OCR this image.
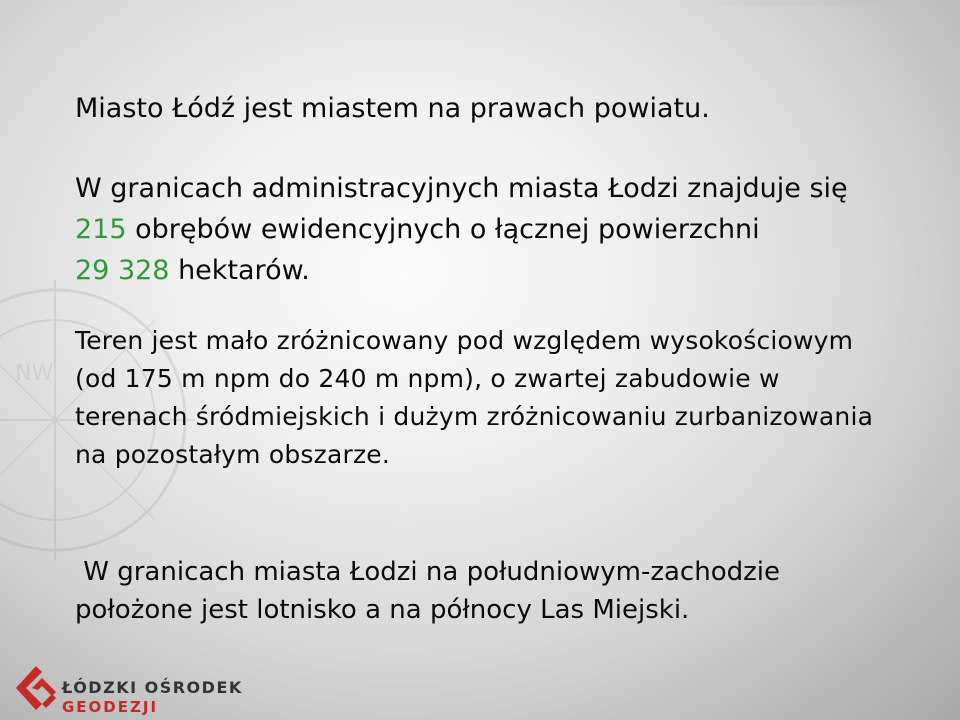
NW
Miasto Łódź jest miastem na prawach powiatu.
W granicach administracyjnych miasta Łodzi znajduje się 215 obrębów ewidencyjnych o łącznej powierzchni
29 328 hektarów.
Teren jest mało zróżnicowany pod względem wysokościowym (od 175 m npm do 240 m npm), o zwartej zabudowie w terenach śródmiejskich i dużym zróżnicowaniu zurbanizowania na pozostałym obszarze.
W granicach miasta Łodzi na południowym-zachodzie położone jest lotnisko a na północy Las Miejski.
ŁÓDZKI OŚRODEK
GEODEZJI
